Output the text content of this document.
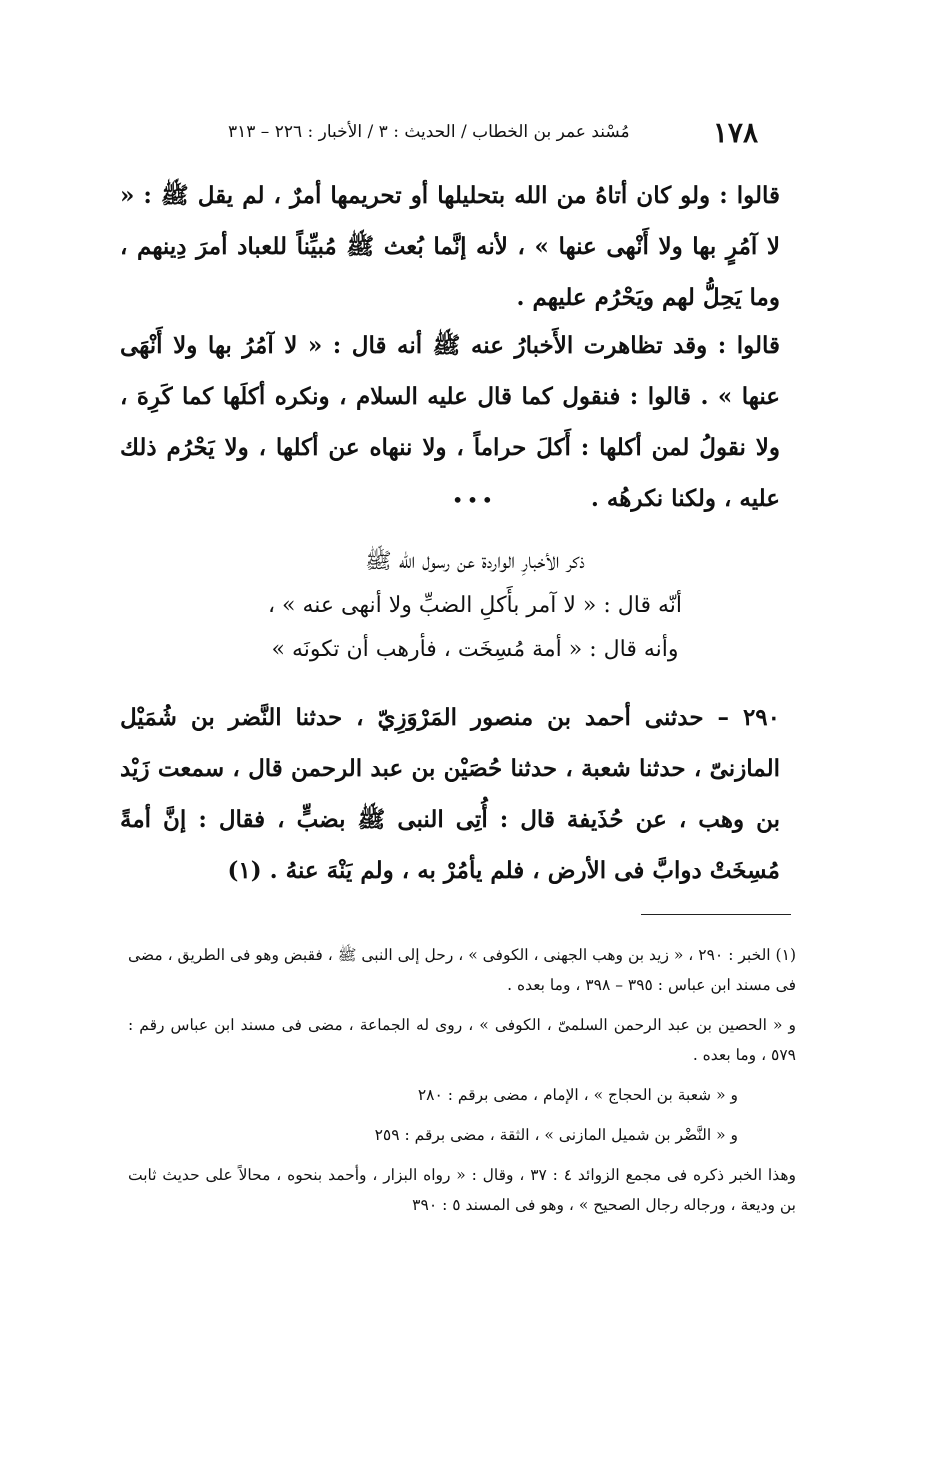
١٧٨
مُسْند عمر بن الخطاب / الحديث : ٣ / الأخبار : ٢٢٦ – ٣١٣

قالوا : ولو كان أتاهُ من الله بتحليلها أو تحريمها أمرٌ ، لم يقل ﷺ : « لا آمُرٍ بها ولا أَنْهى عنها » ، لأنه إنَّما بُعث ﷺ مُبيِّناً للعباد أمرَ دِينهم ، وما يَحِلُّ لهم ويَحْرُم عليهم .

قالوا : وقد تظاهرت الأَخبارُ عنه ﷺ أنه قال : « لا آمُرُ بها ولا أَنْهَى عنها » . قالوا : فنقول كما قال عليه السلام ، ونكره أكلَها كما كَرِهَ ، ولا نقولُ لمن أكلها : أَكلَ حراماً ، ولا ننهاه عن أكلها ، ولا يَحْرُم ذلك عليه ، ولكنا نكرهُه .

•••
ذكر الأخبارِ الواردة عن رسول الله ﷺ
أنّه قال : « لا آمر بأَكلِ الضبِّ ولا أنهى عنه » ،
وأنه قال : « أمة مُسِخَت ، فأرهب أن تكونَه »

٢٩٠ – حدثنى أحمد بن منصور المَرْوَزِيّ ، حدثنا النَّضر بن شُمَيْل المازنىّ ، حدثنا شعبة ، حدثنا حُصَيْن بن عبد الرحمن قال ، سمعت زَيْد بن وهب ، عن حُذَيفة قال : أُتِى النبى ﷺ بضبٍّ ، فقال : إنَّ أمةً مُسِخَتْ دوابَّ فى الأرض ، فلم يأمُرْ به ، ولم يَنْهَ عنهُ . (١)

(١) الخبر : ٢٩٠ ، « زيد بن وهب الجهنى ، الكوفى » ، رحل إلى النبى ﷺ ، فقبض وهو فى الطريق ، مضى فى مسند ابن عباس : ٣٩٥ – ٣٩٨ ، وما بعده .

و « الحصين بن عبد الرحمن السلمىّ ، الكوفى » ، روى له الجماعة ، مضى فى مسند ابن عباس رقم : ٥٧٩ ، وما بعده .

و « شعبة بن الحجاج » ، الإمام ، مضى برقم : ٢٨٠

و « النَّضْر بن شميل المازنى » ، الثقة ، مضى برقم : ٢٥٩

وهذا الخبر ذكره فى مجمع الزوائد ٤ : ٣٧ ، وقال : « رواه البزار ، وأحمد بنحوه ، محالاً على حديث ثابت بن وديعة ، ورجاله رجال الصحيح » ، وهو فى المسند ٥ : ٣٩٠
